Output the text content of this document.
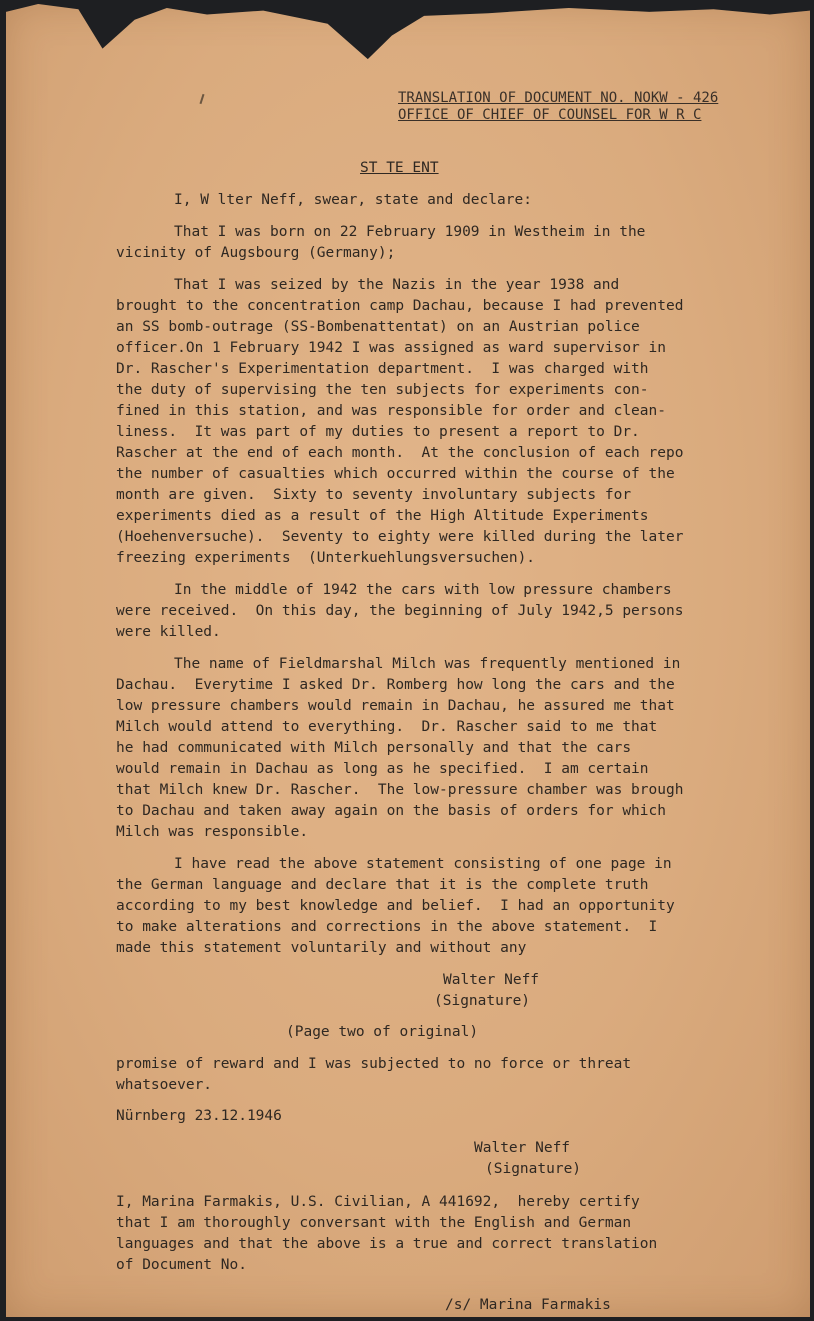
TRANSLATION OF DOCUMENT NO. NOKW - 426

OFFICE OF CHIEF OF COUNSEL FOR W R C

ST TE ENT

I, W lter Neff, swear, state and declare:

That I was born on 22 February 1909 in Westheim in the

vicinity of Augsbourg (Germany);

That I was seized by the Nazis in the year 1938 and

brought to the concentration camp Dachau, because I had prevented

an SS bomb-outrage (SS-Bombenattentat) on an Austrian police

officer.On 1 February 1942 I was assigned as ward supervisor in

Dr. Rascher's Experimentation department.  I was charged with

the duty of supervising the ten subjects for experiments con-

fined in this station, and was responsible for order and clean-

liness.  It was part of my duties to present a report to Dr.

Rascher at the end of each month.  At the conclusion of each repo

the number of casualties which occurred within the course of the

month are given.  Sixty to seventy involuntary subjects for

experiments died as a result of the High Altitude Experiments

(Hoehenversuche).  Seventy to eighty were killed during the later

freezing experiments  (Unterkuehlungsversuchen).

In the middle of 1942 the cars with low pressure chambers

were received.  On this day, the beginning of July 1942,5 persons

were killed.

The name of Fieldmarshal Milch was frequently mentioned in

Dachau.  Everytime I asked Dr. Romberg how long the cars and the

low pressure chambers would remain in Dachau, he assured me that

Milch would attend to everything.  Dr. Rascher said to me that

he had communicated with Milch personally and that the cars

would remain in Dachau as long as he specified.  I am certain

that Milch knew Dr. Rascher.  The low-pressure chamber was brough

to Dachau and taken away again on the basis of orders for which

Milch was responsible.

I have read the above statement consisting of one page in

the German language and declare that it is the complete truth

according to my best knowledge and belief.  I had an opportunity

to make alterations and corrections in the above statement.  I

made this statement voluntarily and without any

Walter Neff

(Signature)

(Page two of original)

promise of reward and I was subjected to no force or threat

whatsoever.

Nürnberg 23.12.1946

Walter Neff

(Signature)

I, Marina Farmakis, U.S. Civilian, A 441692,  hereby certify

that I am thoroughly conversant with the English and German

languages and that the above is a true and correct translation

of Document No.

/s/ Marina Farmakis
